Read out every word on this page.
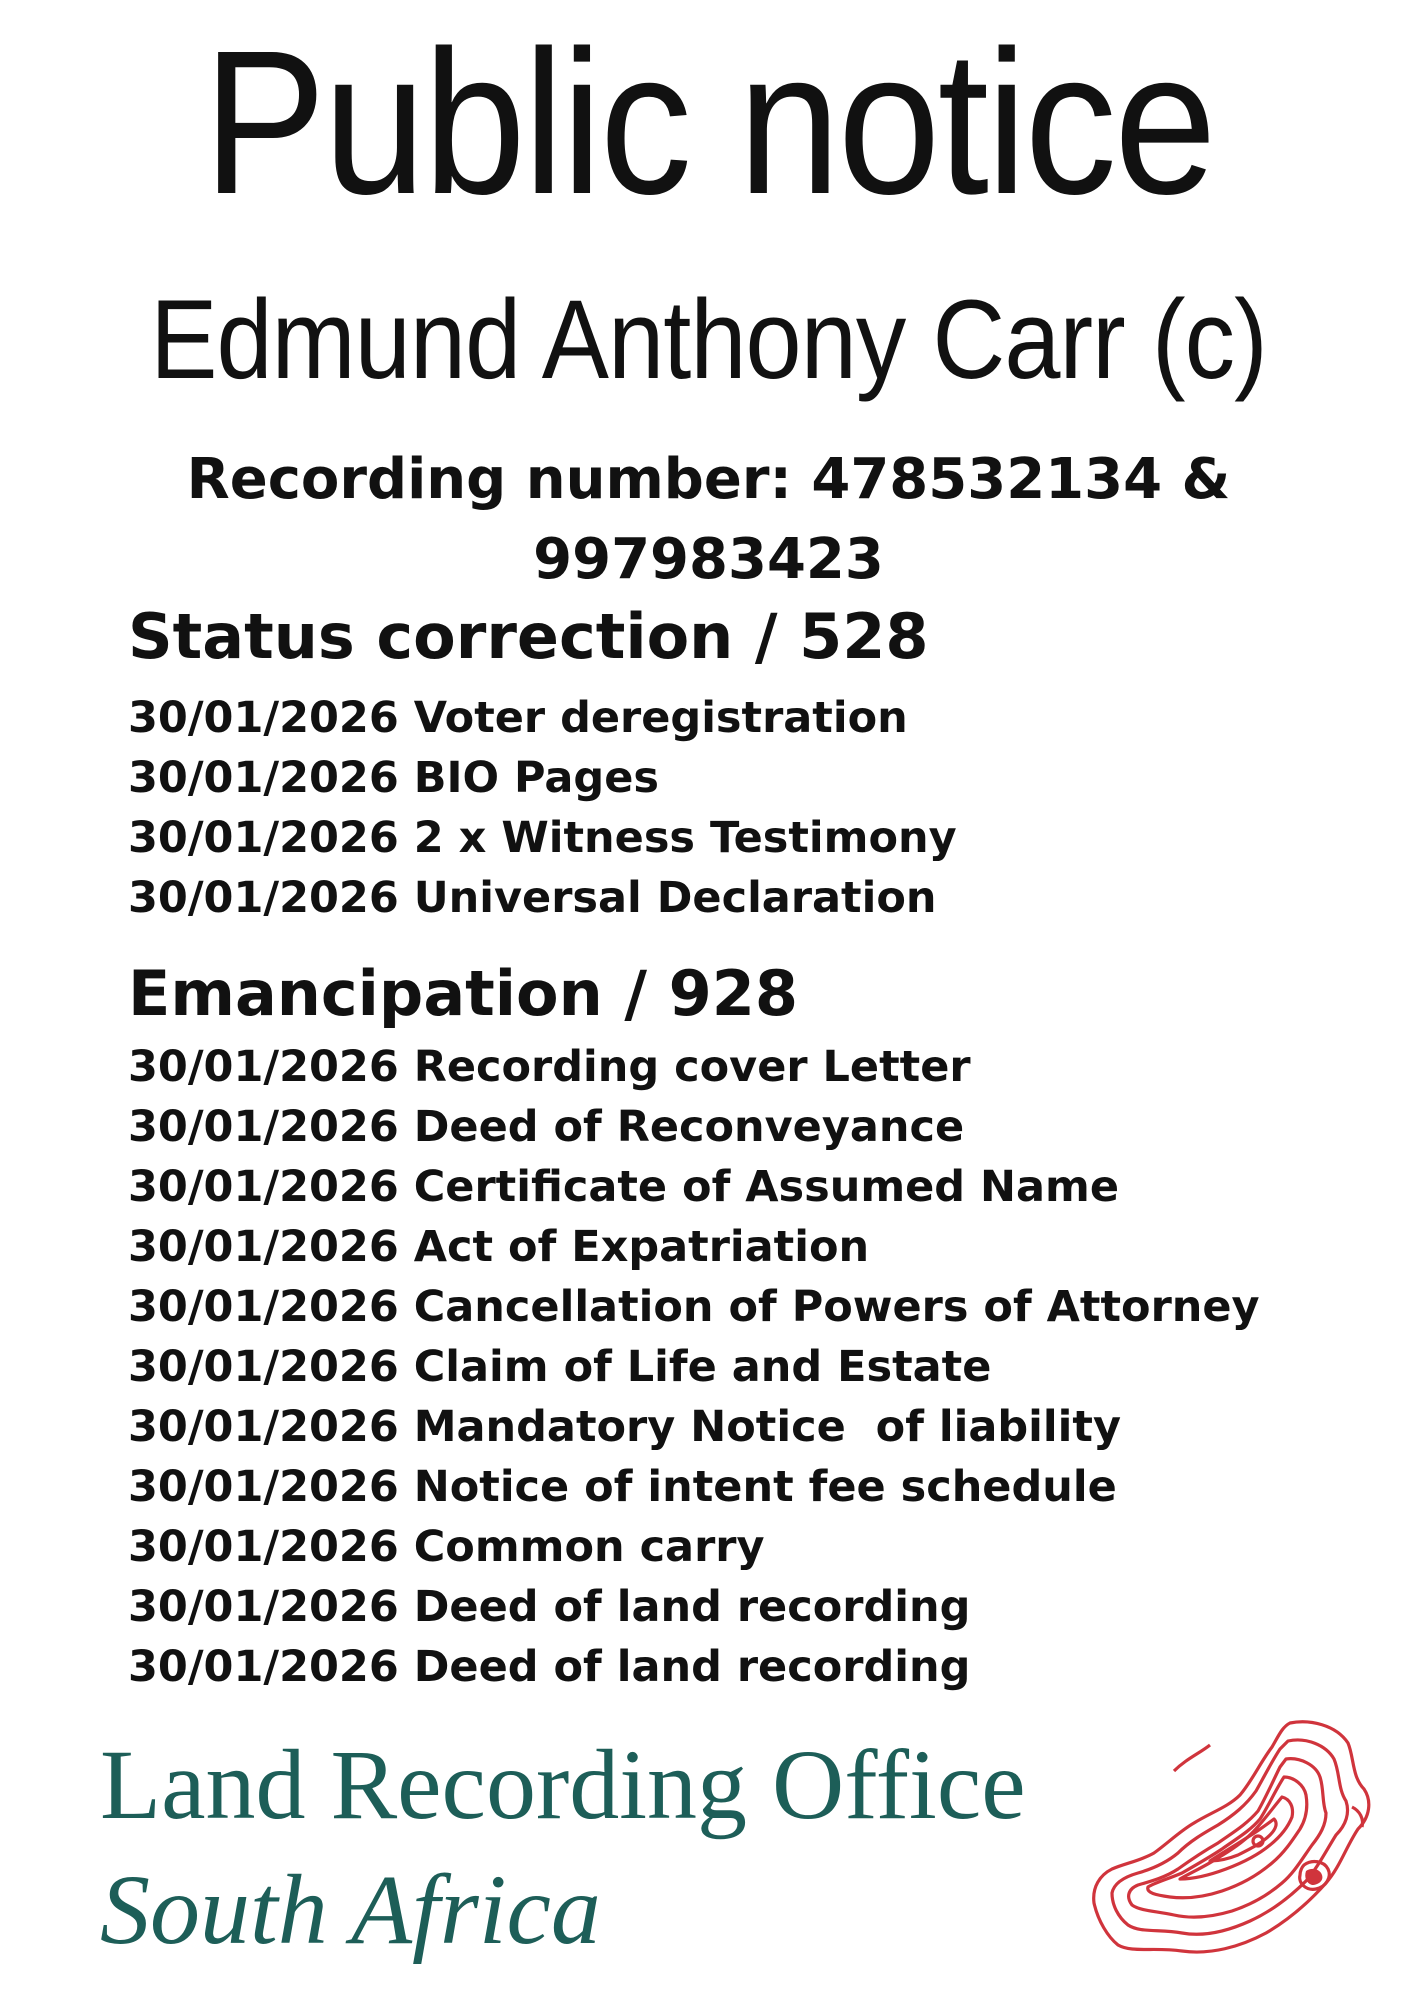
Public notice
Edmund Anthony Carr (c)

Recording number: 478532134 & 997983423

Status correction / 528
30/01/2026 Voter deregistration
30/01/2026 BIO Pages
30/01/2026 2 x Witness Testimony
30/01/2026 Universal Declaration
Emancipation / 928
30/01/2026 Recording cover Letter
30/01/2026 Deed of Reconveyance
30/01/2026 Certificate of Assumed Name
30/01/2026 Act of Expatriation
30/01/2026 Cancellation of Powers of Attorney
30/01/2026 Claim of Life and Estate
30/01/2026 Mandatory Notice  of liability
30/01/2026 Notice of intent fee schedule
30/01/2026 Common carry
30/01/2026 Deed of land recording
30/01/2026 Deed of land recording

Land Recording Office

South Africa
